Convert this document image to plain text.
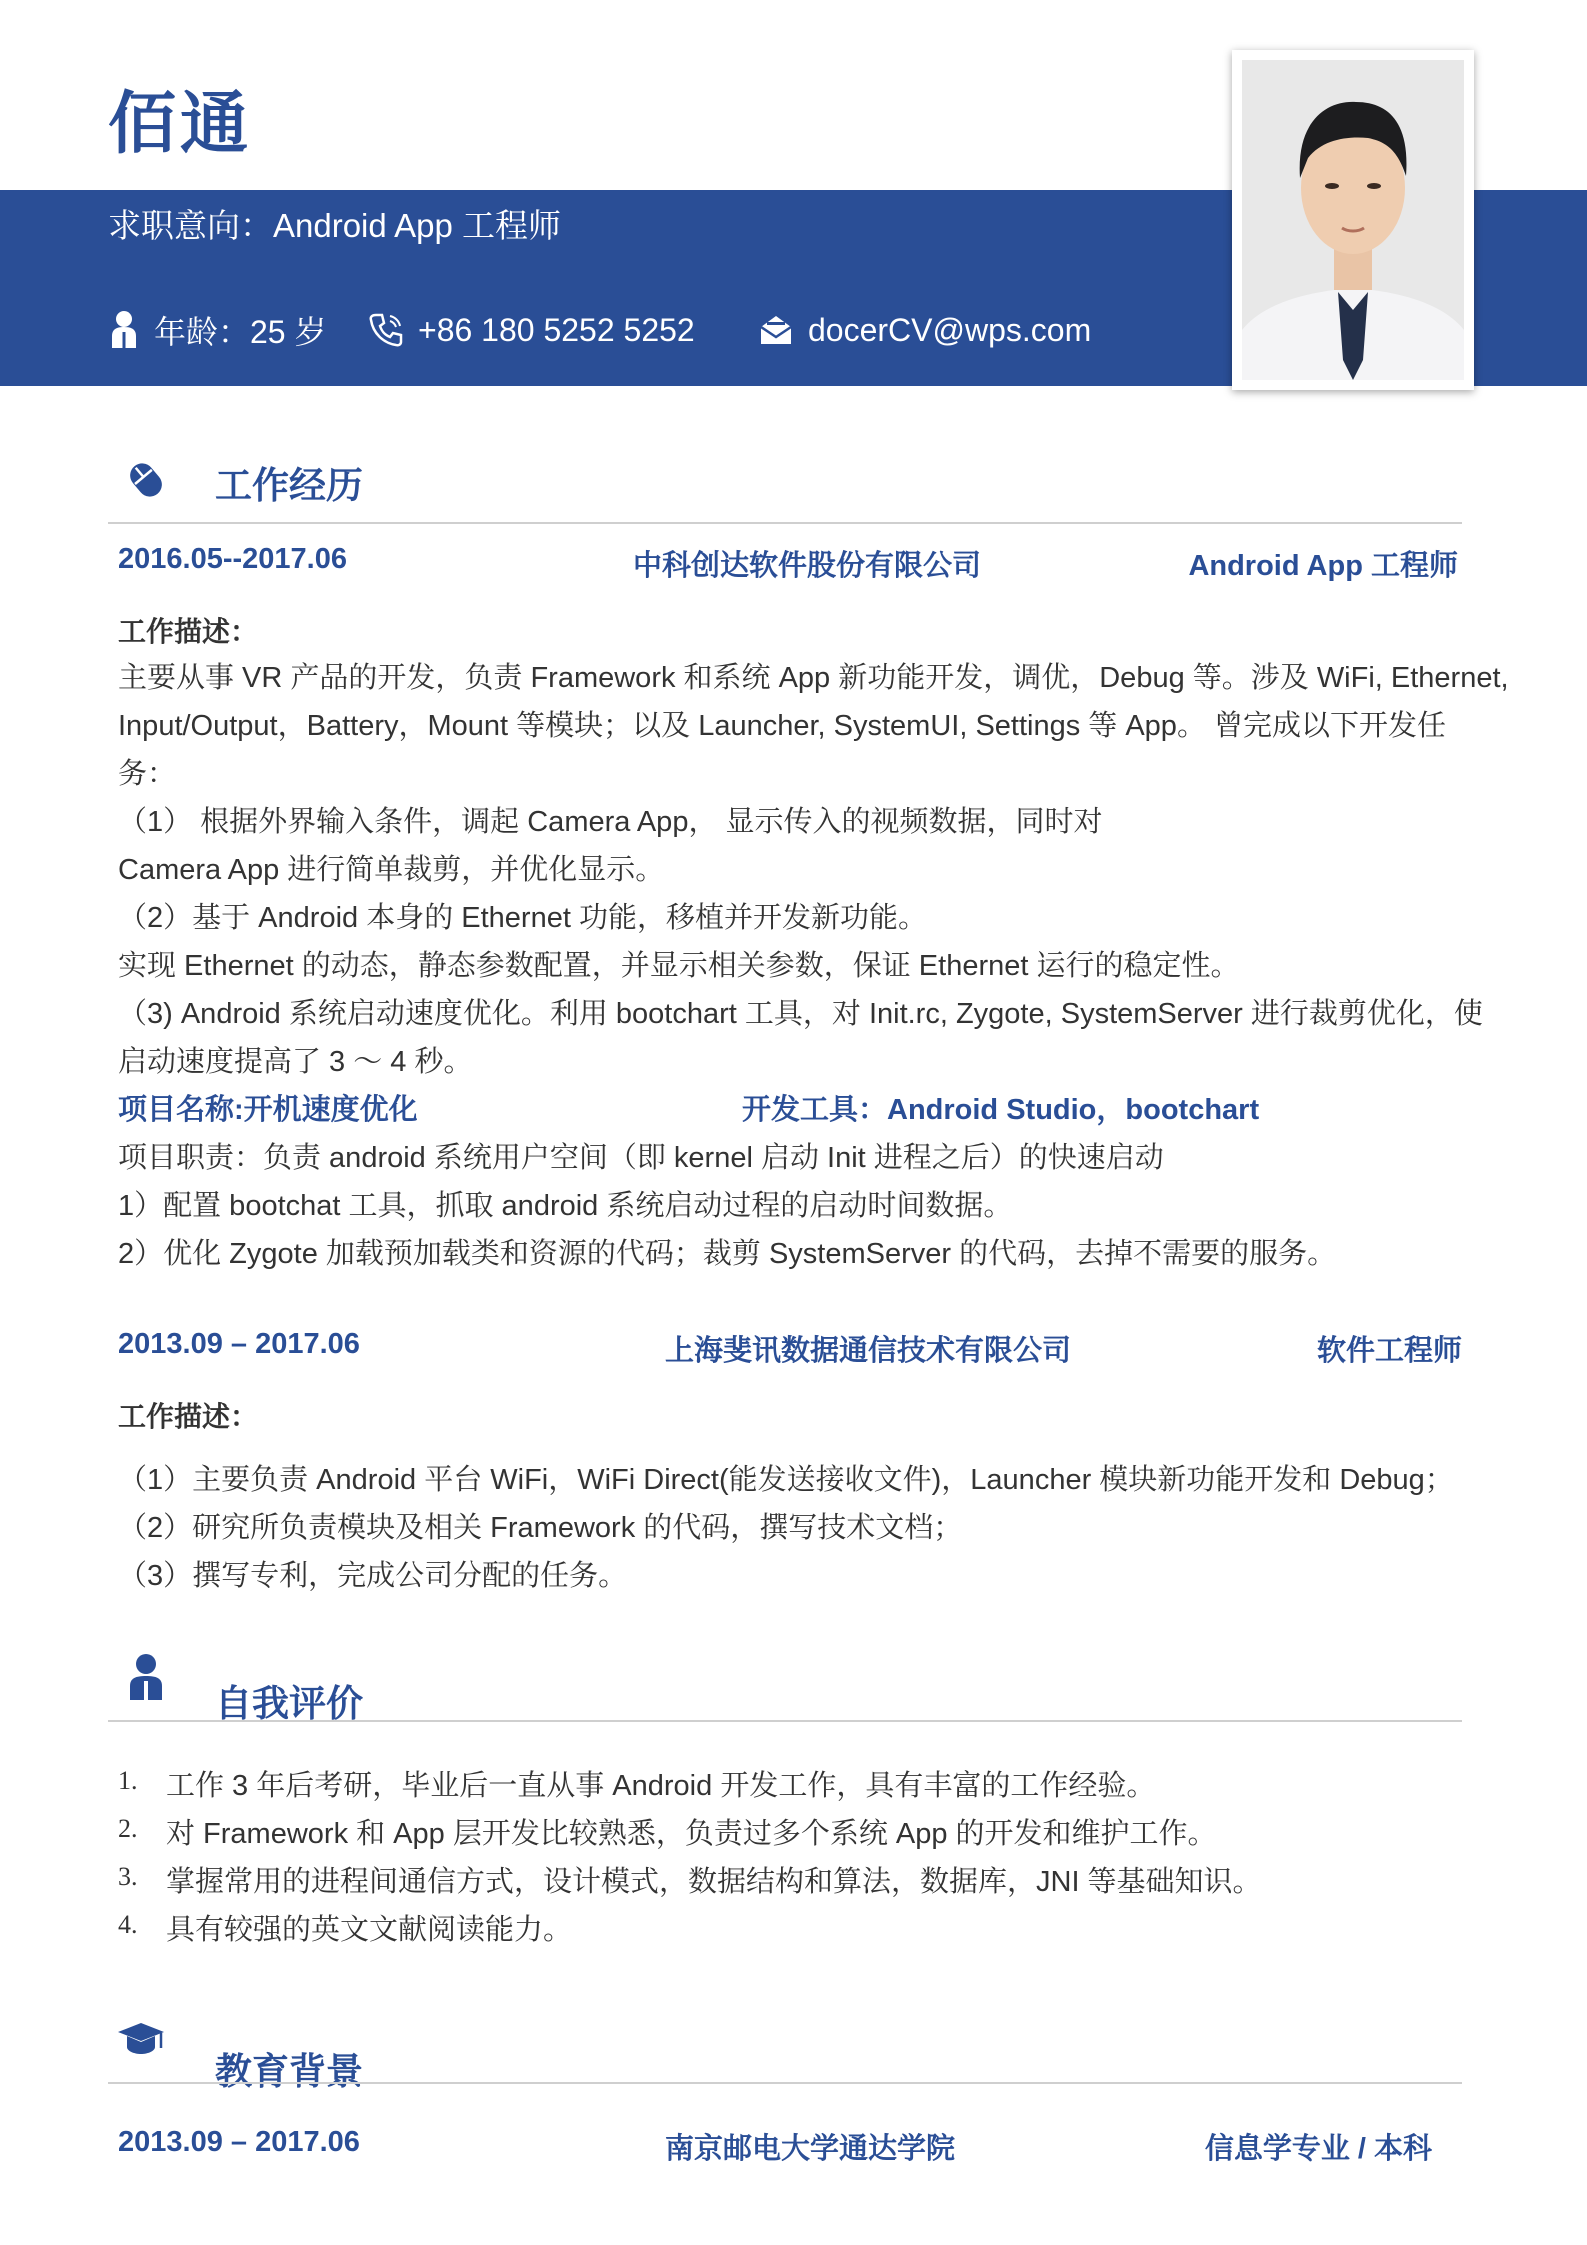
佰通
求职意向：Android App 工程师
年龄：25 岁	+86 180 5252 5252	docerCV@wps.com
工作经历
2016.05--2017.06	中科创达软件股份有限公司	Android App 工程师
工作描述：
主要从事 VR 产品的开发，负责 Framework 和系统 App 新功能开发，调优，Debug 等。涉及 WiFi, Ethernet,
Input/Output，Battery，Mount 等模块；以及 Launcher, SystemUI, Settings 等 App。 曾完成以下开发任
务：
（1） 根据外界输入条件，调起 Camera App， 显示传入的视频数据，同时对
Camera App 进行简单裁剪，并优化显示。
（2）基于 Android 本身的 Ethernet 功能，移植并开发新功能。
实现 Ethernet 的动态，静态参数配置，并显示相关参数，保证 Ethernet 运行的稳定性。
（3) Android 系统启动速度优化。利用 bootchart 工具，对 Init.rc, Zygote, SystemServer 进行裁剪优化，使
启动速度提高了 3 ～ 4 秒。
项目名称:开机速度优化	开发工具：Android Studio，bootchart
项目职责：负责 android 系统用户空间（即 kernel 启动 Init 进程之后）的快速启动
1）配置 bootchat 工具，抓取 android 系统启动过程的启动时间数据。
2）优化 Zygote 加载预加载类和资源的代码；裁剪 SystemServer 的代码，去掉不需要的服务。
2013.09 – 2017.06	上海斐讯数据通信技术有限公司	软件工程师
工作描述：
（1）主要负责 Android 平台 WiFi，WiFi Direct(能发送接收文件)，Launcher 模块新功能开发和 Debug；
（2）研究所负责模块及相关 Framework 的代码，撰写技术文档；
（3）撰写专利，完成公司分配的任务。
自我评价
1. 工作 3 年后考研，毕业后一直从事 Android 开发工作，具有丰富的工作经验。
2. 对 Framework 和 App 层开发比较熟悉，负责过多个系统 App 的开发和维护工作。
3. 掌握常用的进程间通信方式，设计模式，数据结构和算法，数据库，JNI 等基础知识。
4. 具有较强的英文文献阅读能力。
教育背景
2013.09 – 2017.06	南京邮电大学通达学院	信息学专业 / 本科
